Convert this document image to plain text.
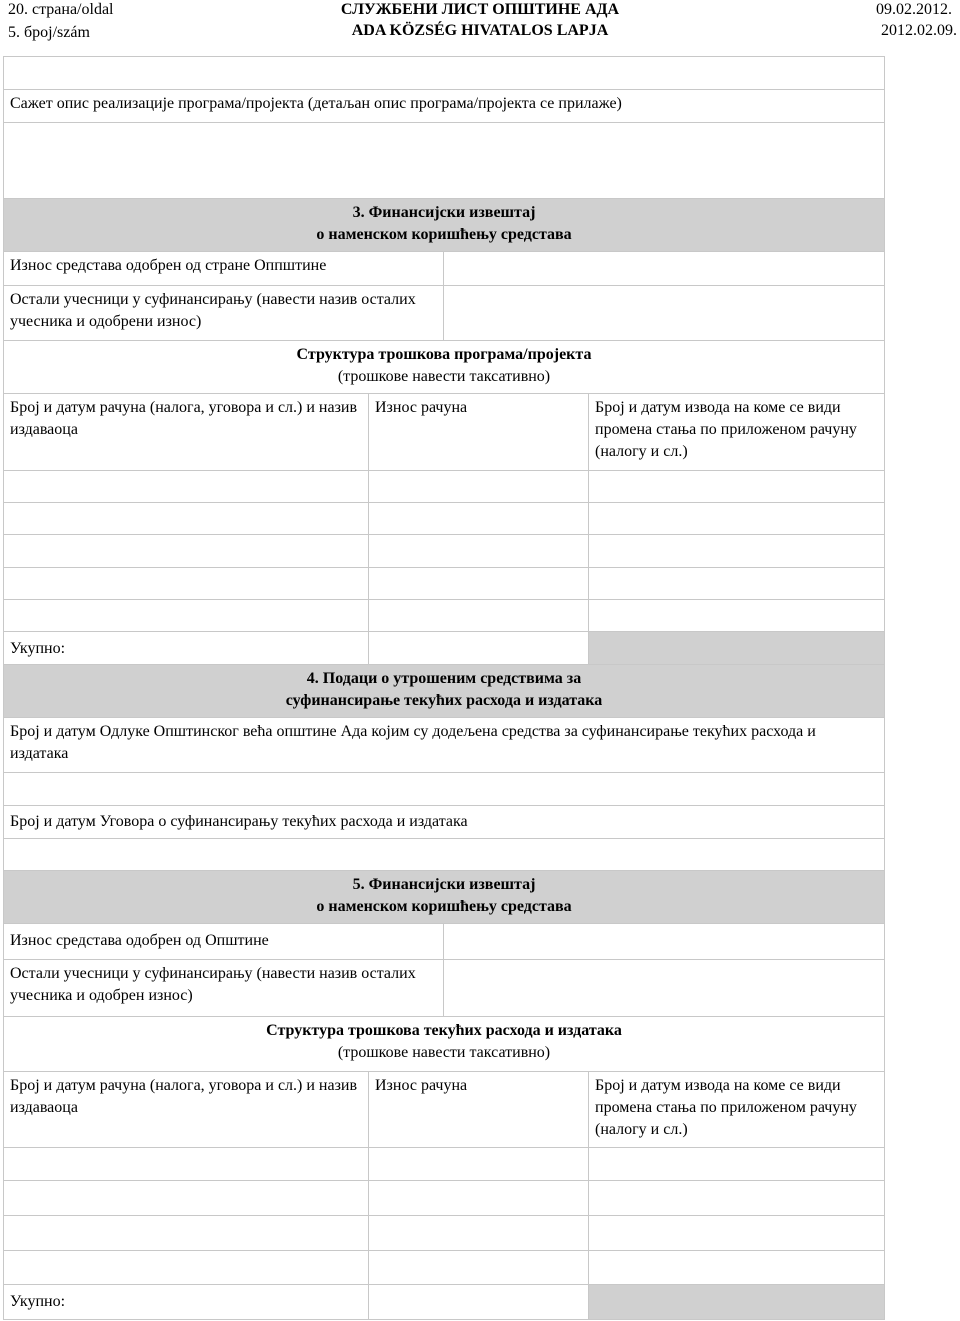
20. страна/oldal
5. број/szám
СЛУЖБЕНИ ЛИСТ ОПШТИНЕ АДА
ADA KÖZSÉG HIVATALOS LAPJA
09.02.2012.
2012.02.09.
Сажет опис реализације програма/пројекта (детаљан опис програма/пројекта се прилаже)
3. Финансијски извештај
о наменском коришћењу средстава
Износ средстава одобрен од стране Оппштине
Остали учесници у суфинансирању (навести назив осталих учесника и одобрени износ)
Структура трошкова програма/пројекта
(трошкове навести таксативно)
Број и датум рачуна (налога, уговора и сл.) и назив издаваоца
Износ рачуна	Број и датум извода на коме се види промена стања по приложеном рачуну (налогу и сл.)
Укупно:
4. Подаци о утрошеним средствима за
суфинансирање текућих расхода и издатака
Број и датум Одлуке Општинског већа општине Ада којим су додељена средства за суфинансирање текућих расхода и издатака
Број и датум Уговора о суфинансирању текућих расхода и издатака
5. Финансијски извештај
о наменском коришћењу средстава
Износ средстава одобрен од Општине
Остали учесници у суфинансирању (навести назив осталих учесника и одобрен износ)
Структура трошкова текућих расхода и издатака
(трошкове навести таксативно)
Број и датум рачуна (налога, уговора и сл.) и назив издаваоца
Износ рачуна	Број и датум извода на коме се види промена стања по приложеном рачуну (налогу и сл.)
Укупно:
